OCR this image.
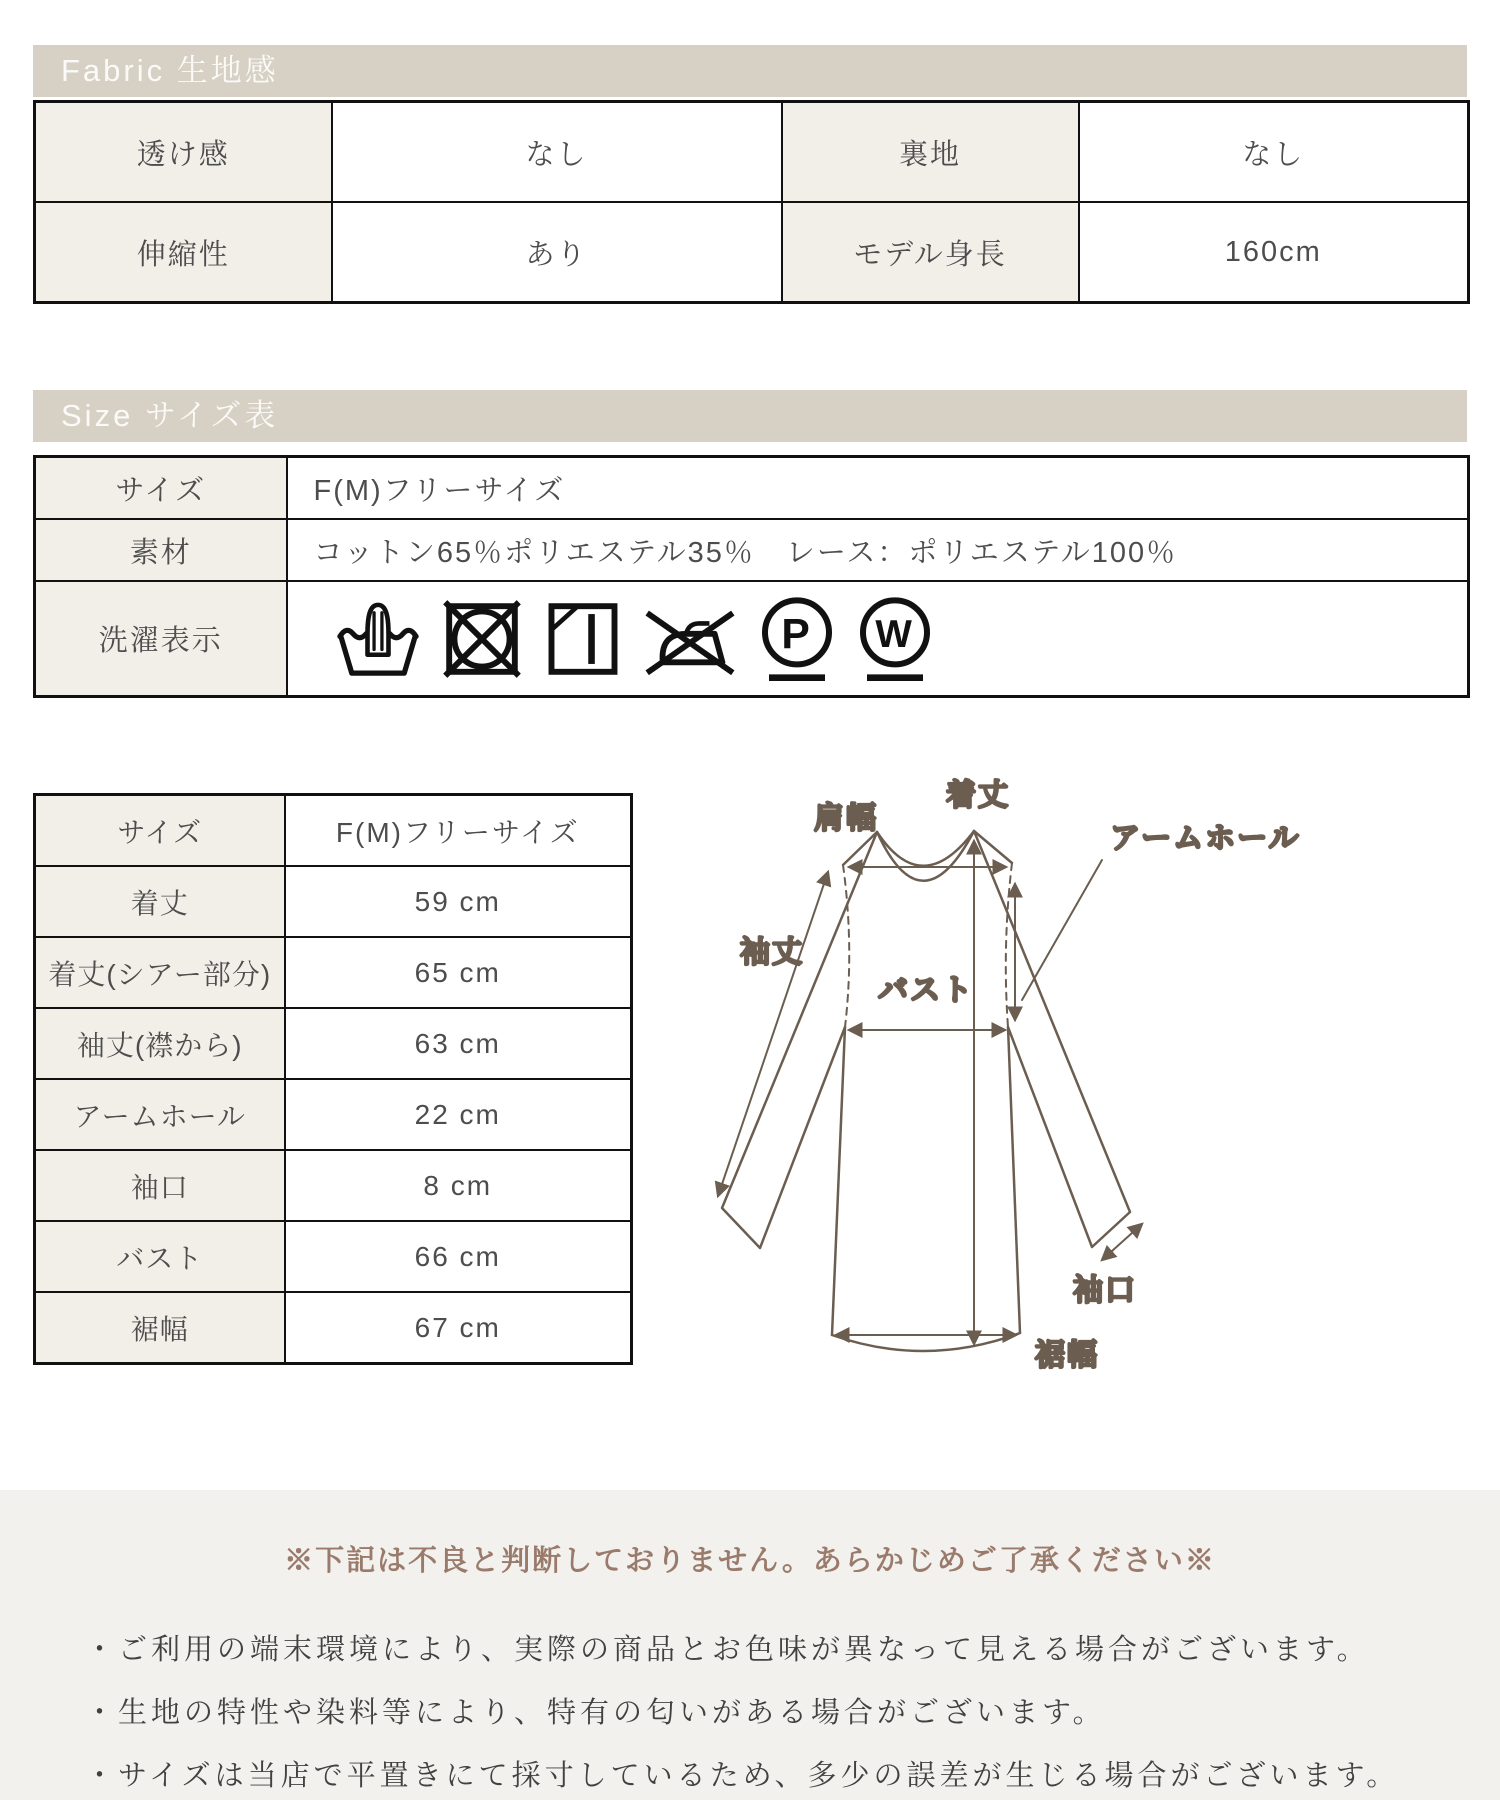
Fabric 生地感
透け感	なし	裏地	なし
伸縮性	あり	モデル身長	160cm
Size サイズ表
サイズ	F(M)フリーサイズ
素材	コットン65％ポリエステル35％　レース：ポリエステル100％
洗濯表示	P W
サイズ	F(M)フリーサイズ
着丈	59 cm
着丈(シアー部分)	65 cm
袖丈(襟から)	63 cm
アームホール	22 cm
袖口	8 cm
バスト	66 cm
裾幅	67 cm
着丈
肩幅
袖丈
アームホール
バスト
袖口
裾幅
※下記は不良と判断しておりません。あらかじめご了承ください※
・ご利用の端末環境により、実際の商品とお色味が異なって見える場合がございます。
・生地の特性や染料等により、特有の匂いがある場合がございます。
・サイズは当店で平置きにて採寸しているため、多少の誤差が生じる場合がございます。
